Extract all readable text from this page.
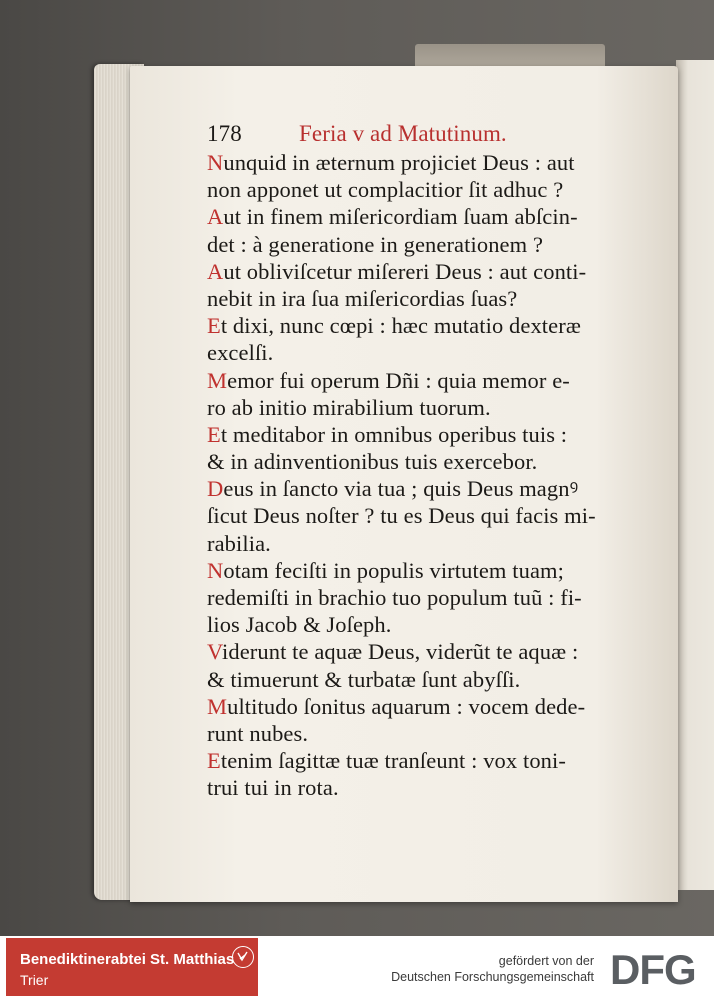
178	Feria v ad Matutinum.
Nunquid in æternum projiciet Deus : aut
non apponet ut complacitior ſit adhuc ?
Aut in finem miſericordiam ſuam abſcin-
det : à generatione in generationem ?
Aut obliviſcetur miſereri Deus : aut conti-
nebit in ira ſua miſericordias ſuas?
Et dixi, nunc cœpi : hæc mutatio dexteræ
excelſi.
Memor fui operum Dñi : quia memor e-
ro ab initio mirabilium tuorum.
Et meditabor in omnibus operibus tuis :
& in adinventionibus tuis exercebor.
Deus in ſancto via tua ; quis Deus magnꝰ
ſicut Deus noſter ? tu es Deus qui facis mi-
rabilia.
Notam feciſti in populis virtutem tuam;
redemiſti in brachio tuo populum tuũ : fi-
lios Jacob & Joſeph.
Viderunt te aquæ Deus, viderũt te aquæ :
& timuerunt & turbatæ ſunt abyſſi.
Multitudo ſonitus aquarum : vocem dede-
runt nubes.
Etenim ſagittæ tuæ tranſeunt : vox toni-
trui tui in rota.
Benediktinerabtei St. Matthias
Trier
gefördert von der
Deutschen Forschungsgemeinschaft DFG
